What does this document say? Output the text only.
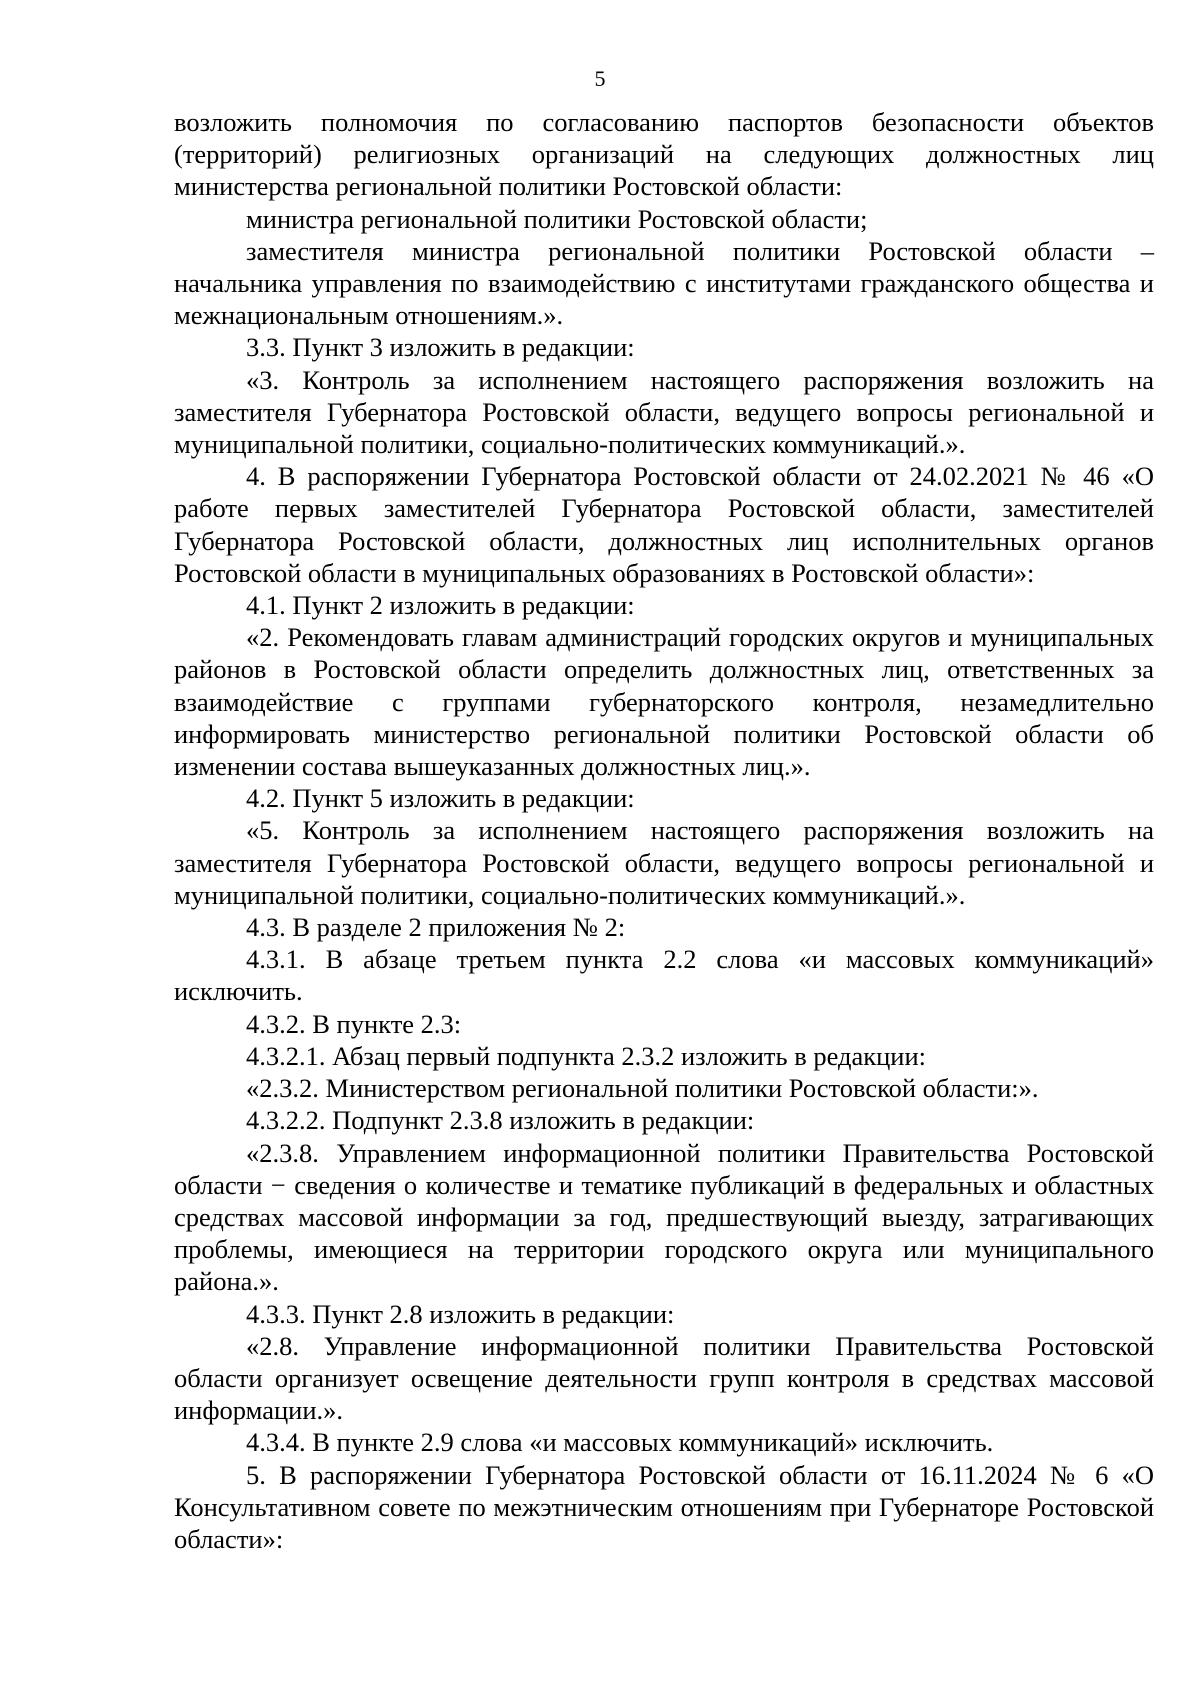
5

возложить полномочия по согласованию паспортов безопасности объектов (территорий) религиозных организаций на следующих должностных лиц министерства региональной политики Ростовской области:

министра региональной политики Ростовской области;

заместителя министра региональной политики Ростовской области – начальника управления по взаимодействию с институтами гражданского общества и межнациональным отношениям.».

3.3. Пункт 3 изложить в редакции:

«3. Контроль за исполнением настоящего распоряжения возложить на заместителя Губернатора Ростовской области, ведущего вопросы региональной и муниципальной политики, социально-политических коммуникаций.».

4. В распоряжении Губернатора Ростовской области от 24.02.2021 № 46 «О работе первых заместителей Губернатора Ростовской области, заместителей Губернатора Ростовской области, должностных лиц исполнительных органов Ростовской области в муниципальных образованиях в Ростовской области»:

4.1. Пункт 2 изложить в редакции:

«2. Рекомендовать главам администраций городских округов и муниципальных районов в Ростовской области определить должностных лиц, ответственных за взаимодействие с группами губернаторского контроля, незамедлительно информировать министерство региональной политики Ростовской области об изменении состава вышеуказанных должностных лиц.».

4.2. Пункт 5 изложить в редакции:

«5. Контроль за исполнением настоящего распоряжения возложить на заместителя Губернатора Ростовской области, ведущего вопросы региональной и муниципальной политики, социально-политических коммуникаций.».

4.3. В разделе 2 приложения № 2:

4.3.1. В абзаце третьем пункта 2.2 слова «и массовых коммуникаций» исключить.

4.3.2. В пункте 2.3:

4.3.2.1. Абзац первый подпункта 2.3.2 изложить в редакции:

«2.3.2. Министерством региональной политики Ростовской области:».

4.3.2.2. Подпункт 2.3.8 изложить в редакции:

«2.3.8. Управлением информационной политики Правительства Ростовской области − сведения о количестве и тематике публикаций в федеральных и областных средствах массовой информации за год, предшествующий выезду, затрагивающих проблемы, имеющиеся на территории городского округа или муниципального района.».

4.3.3. Пункт 2.8 изложить в редакции:

«2.8. Управление информационной политики Правительства Ростовской области организует освещение деятельности групп контроля в средствах массовой информации.».

4.3.4. В пункте 2.9 слова «и массовых коммуникаций» исключить.

5. В распоряжении Губернатора Ростовской области от 16.11.2024 № 6 «О Консультативном совете по межэтническим отношениям при Губернаторе Ростовской области»:
